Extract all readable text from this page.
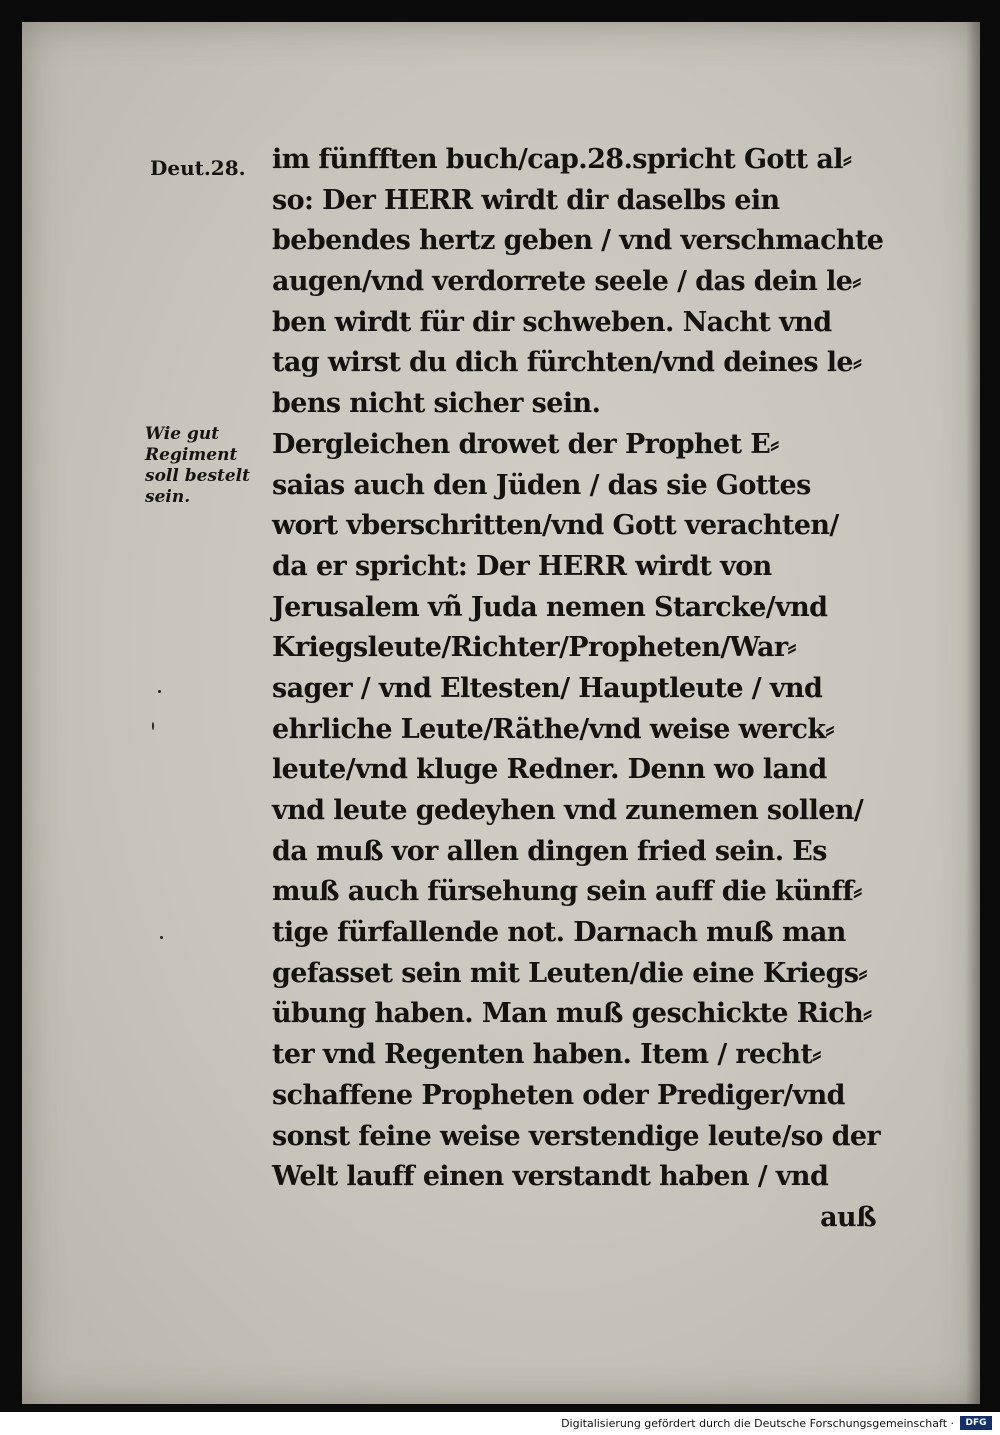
Deut.28.
Wie gut
Regiment
soll bestelt
sein.
im fünfften buch/cap.28.spricht Gott al⸗
so: Der HERR wirdt dir daselbs ein
bebendes hertz geben / vnd verschmachte
augen/vnd verdorrete seele / das dein le⸗
ben wirdt für dir schweben. Nacht vnd
tag wirst du dich fürchten/vnd deines le⸗
bens nicht sicher sein.
Dergleichen drowet der Prophet E⸗
saias auch den Jüden / das sie Gottes
wort vberschritten/vnd Gott verachten/
da er spricht: Der HERR wirdt von
Jerusalem vñ Juda nemen Starcke/vnd
Kriegsleute/Richter/Propheten/War⸗
sager / vnd Eltesten/ Hauptleute / vnd
ehrliche Leute/Räthe/vnd weise werck⸗
leute/vnd kluge Redner. Denn wo land
vnd leute gedeyhen vnd zunemen sollen/
da muß vor allen dingen fried sein. Es
muß auch fürsehung sein auff die künff⸗
tige fürfallende not. Darnach muß man
gefasset sein mit Leuten/die eine Kriegs⸗
übung haben. Man muß geschickte Rich⸗
ter vnd Regenten haben. Item / recht⸗
schaffene Propheten oder Prediger/vnd
sonst feine weise verstendige leute/so der
Welt lauff einen verstandt haben / vnd
auß
Digitalisierung gefördert durch die Deutsche Forschungsgemeinschaft ·	DFG
